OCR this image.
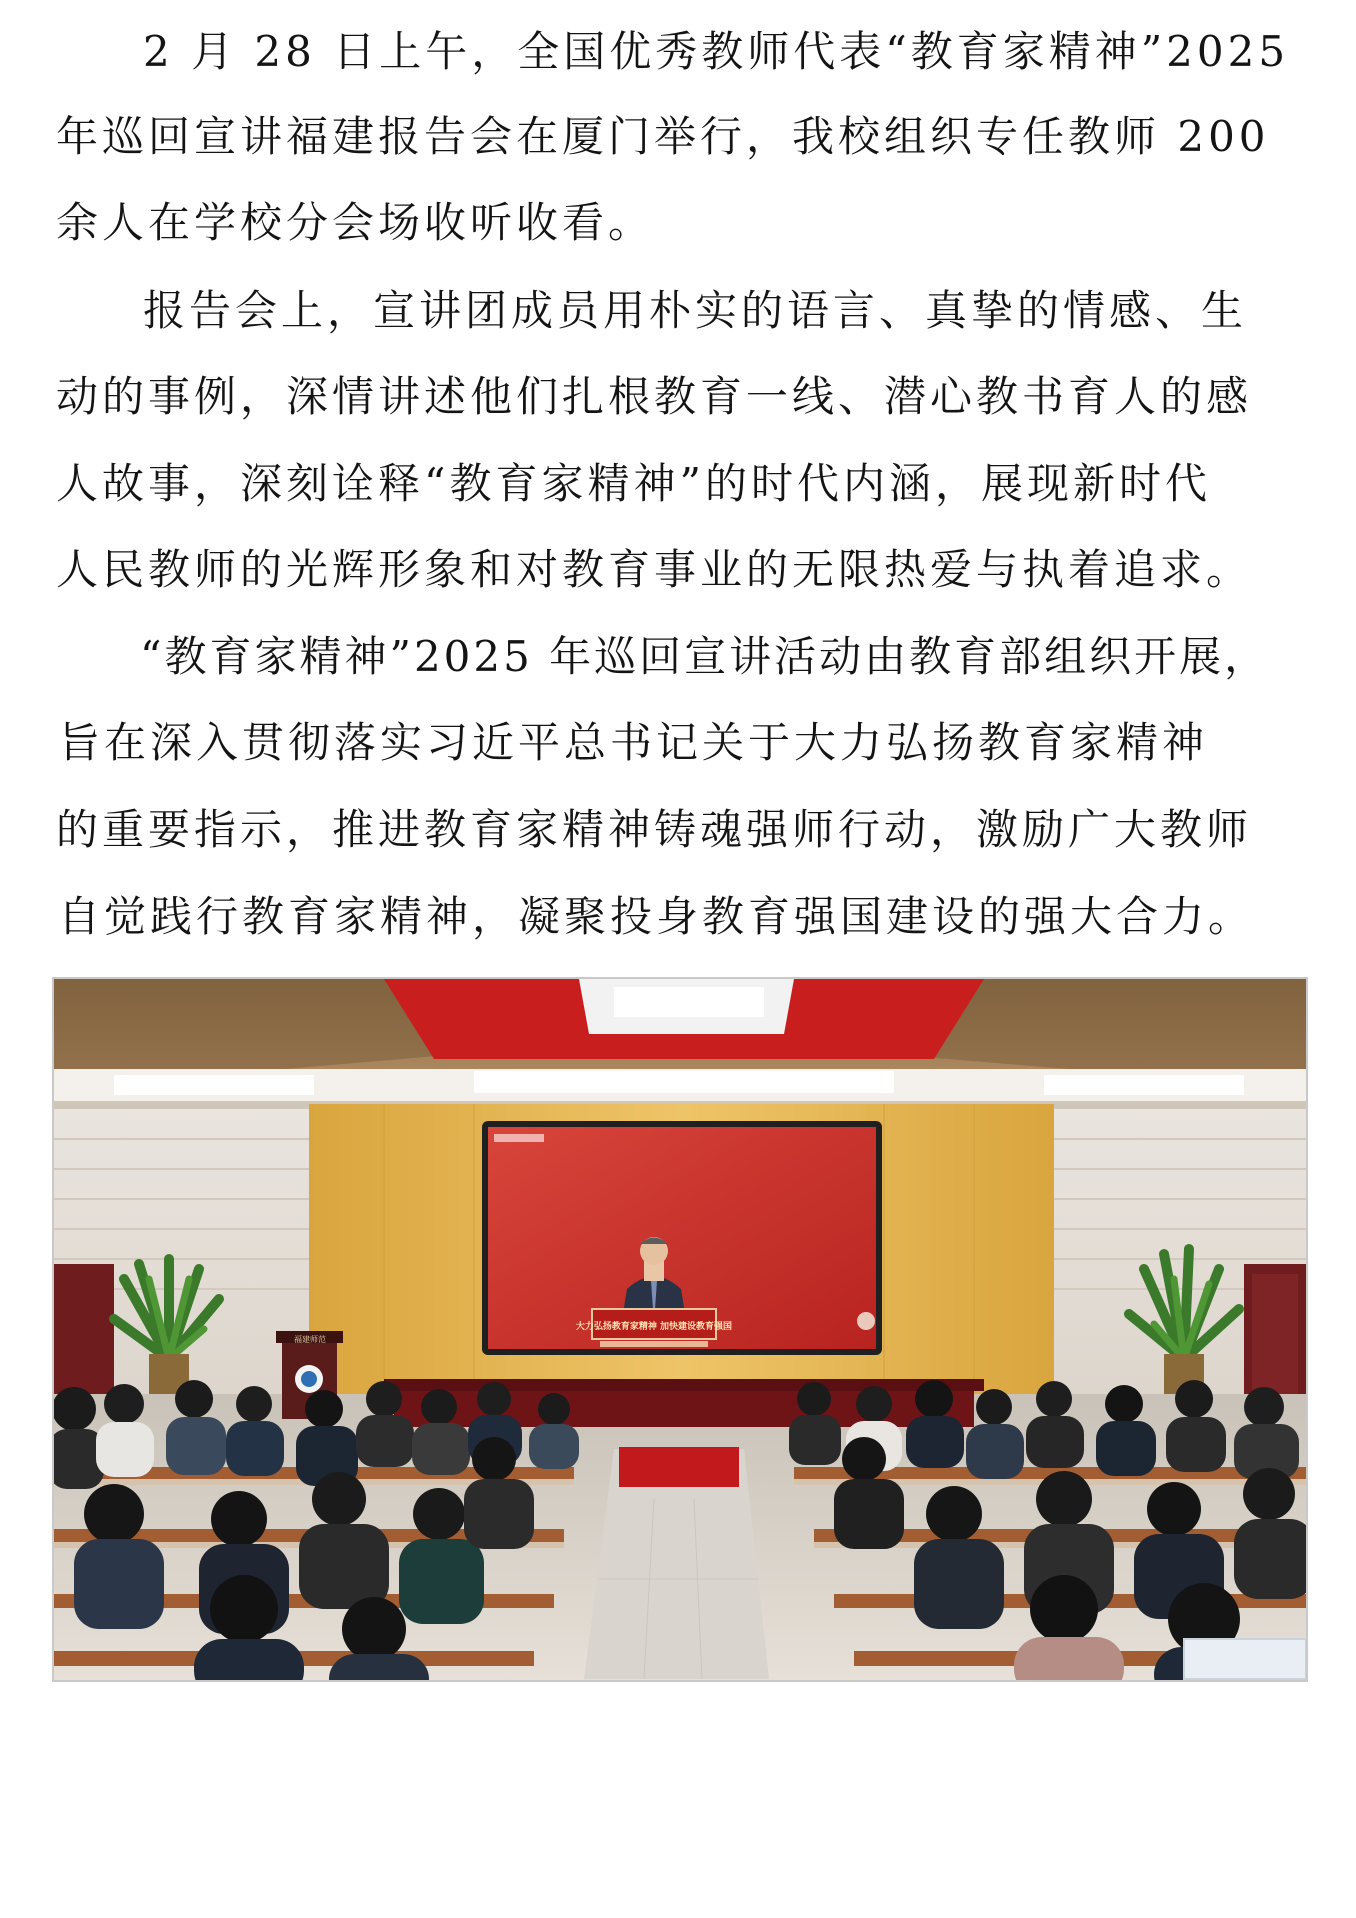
2 月 28 日上午，全国优秀教师代表“教育家精神”2025

年巡回宣讲福建报告会在厦门举行，我校组织专任教师 200

余人在学校分会场收听收看。

报告会上，宣讲团成员用朴实的语言、真挚的情感、生

动的事例，深情讲述他们扎根教育一线、潜心教书育人的感

人故事，深刻诠释“教育家精神”的时代内涵，展现新时代

人民教师的光辉形象和对教育事业的无限热爱与执着追求。

“教育家精神”2025 年巡回宣讲活动由教育部组织开展，

旨在深入贯彻落实习近平总书记关于大力弘扬教育家精神

的重要指示，推进教育家精神铸魂强师行动，激励广大教师

自觉践行教育家精神，凝聚投身教育强国建设的强大合力。

大力弘扬教育家精神 加快建设教育强国
福建师范
